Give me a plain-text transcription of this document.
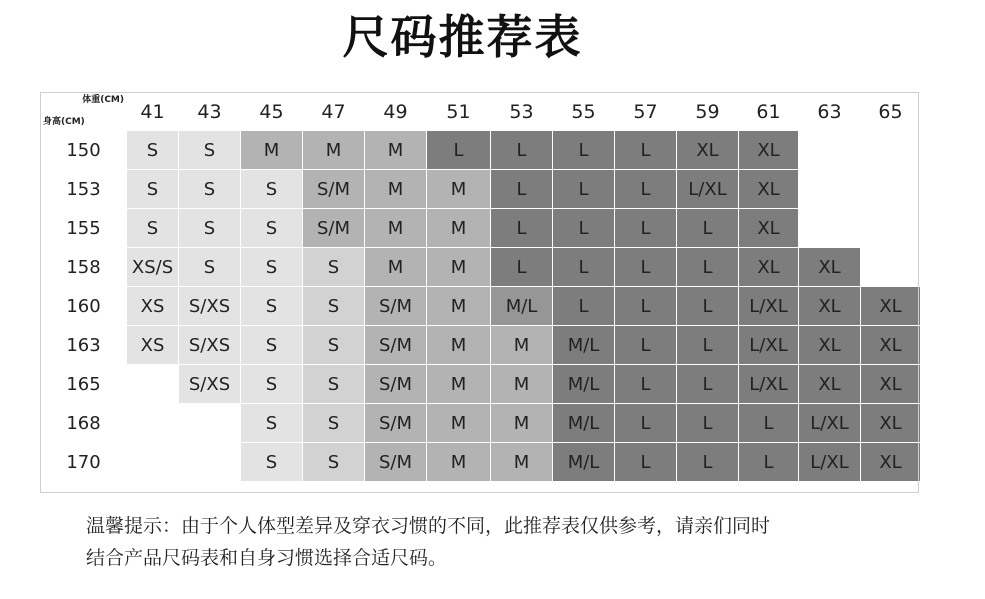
尺码推荐表
体重(CM)
身高(CM)	41	43	45	47	49	51	53	55	57	59	61	63	65
150	S	S	M	M	M	L	L	L	L	XL	XL		
153	S	S	S	S/M	M	M	L	L	L	L/XL	XL		
155	S	S	S	S/M	M	M	L	L	L	L	XL		
158	XS/S	S	S	S	M	M	L	L	L	L	XL	XL	
160	XS	S/XS	S	S	S/M	M	M/L	L	L	L	L/XL	XL	XL
163	XS	S/XS	S	S	S/M	M	M	M/L	L	L	L/XL	XL	XL
165		S/XS	S	S	S/M	M	M	M/L	L	L	L/XL	XL	XL
168			S	S	S/M	M	M	M/L	L	L	L	L/XL	XL
170			S	S	S/M	M	M	M/L	L	L	L	L/XL	XL
温馨提示：由于个人体型差异及穿衣习惯的不同，此推荐表仅供参考，请亲们同时
结合产品尺码表和自身习惯选择合适尺码。
